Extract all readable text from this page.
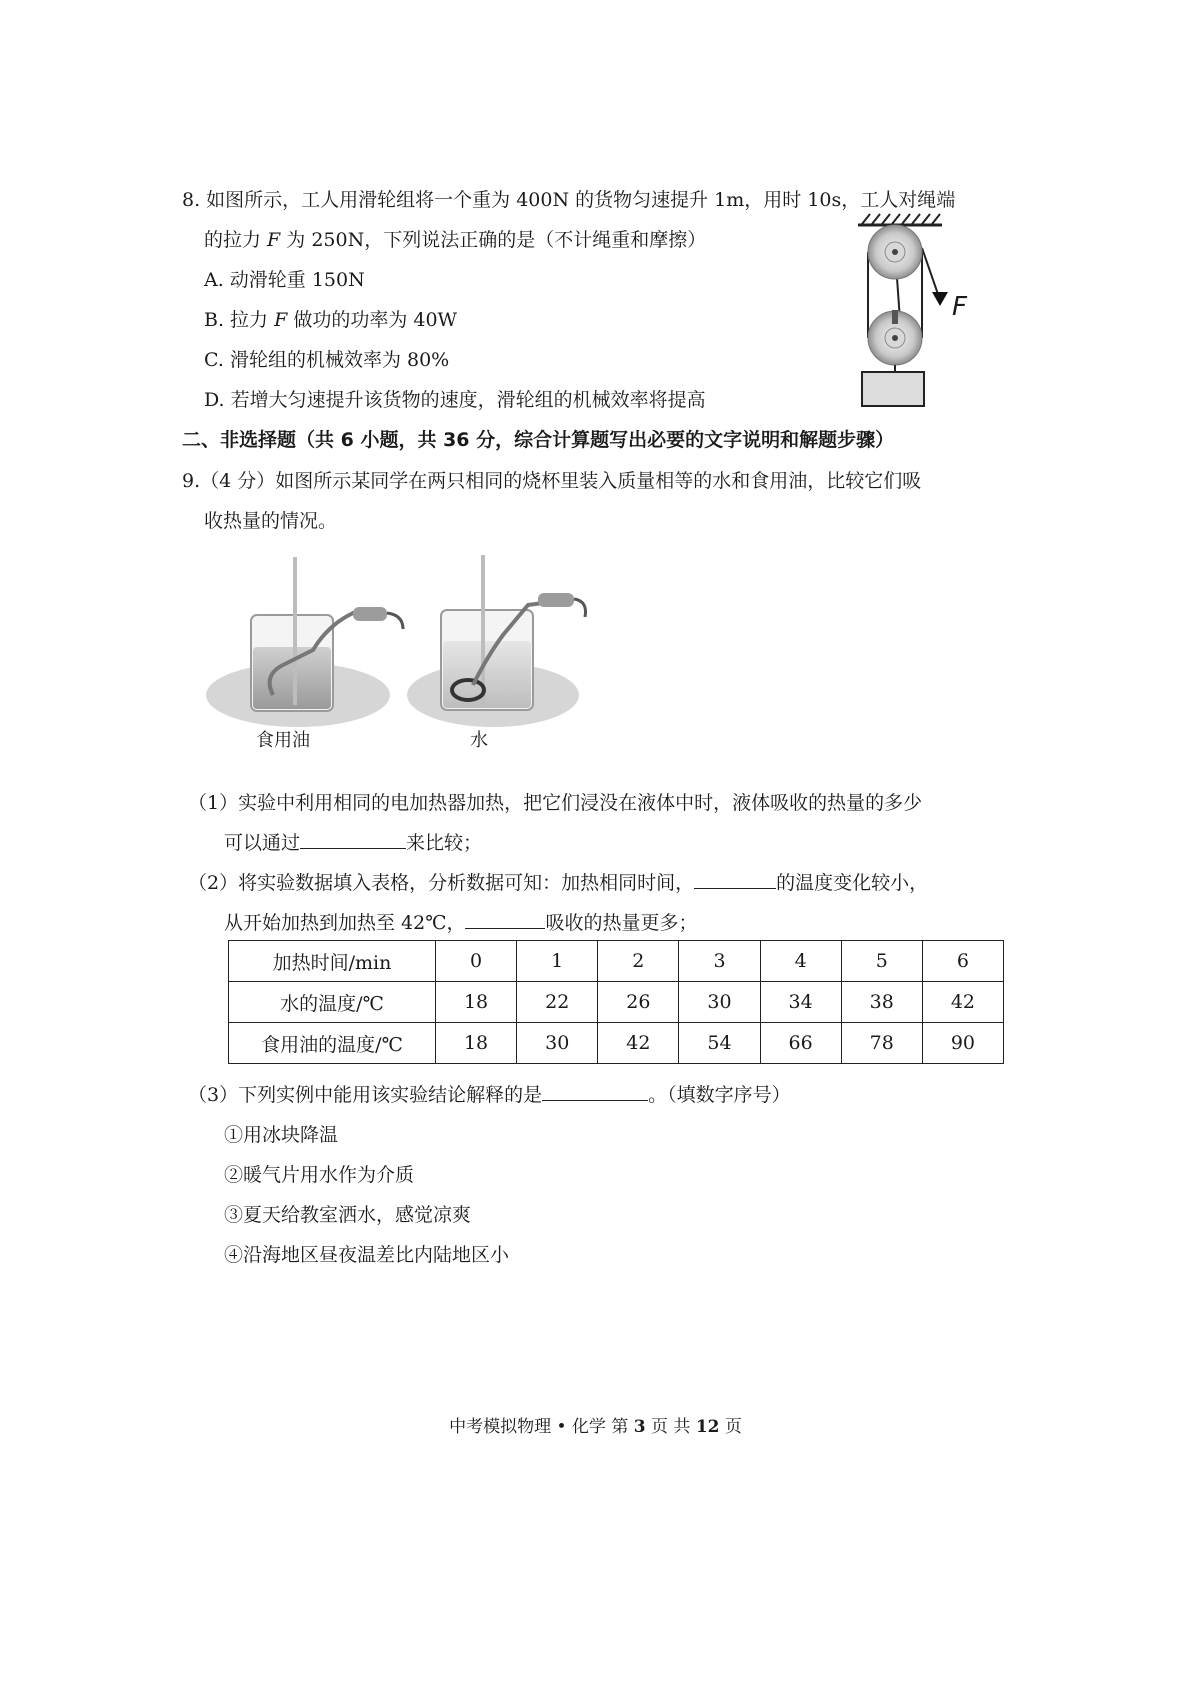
8. 如图所示，工人用滑轮组将一个重为 400N 的货物匀速提升 1m，用时 10s，工人对绳端
的拉力 F 为 250N，下列说法正确的是（不计绳重和摩擦）
A. 动滑轮重 150N
B. 拉力 F 做功的功率为 40W
C. 滑轮组的机械效率为 80%
D. 若增大匀速提升该货物的速度，滑轮组的机械效率将提高
F
二、非选择题（共 6 小题，共 36 分，综合计算题写出必要的文字说明和解题步骤）
9.（4 分）如图所示某同学在两只相同的烧杯里装入质量相等的水和食用油，比较它们吸
收热量的情况。
食用油	水
（1）实验中利用相同的电加热器加热，把它们浸没在液体中时，液体吸收的热量的多少
可以通过	来比较；
（2）将实验数据填入表格，分析数据可知：加热相同时间，	的温度变化较小，
从开始加热到加热至 42℃，	吸收的热量更多；
加热时间/min	0	1	2	3	4	5	6
水的温度/℃	18	22	26	30	34	38	42
食用油的温度/℃	18	30	42	54	66	78	90
（3）下列实例中能用该实验结论解释的是	。（填数字序号）
①用冰块降温
②暖气片用水作为介质
③夏天给教室洒水，感觉凉爽
④沿海地区昼夜温差比内陆地区小
中考模拟物理 • 化学 第 3 页 共 12 页
